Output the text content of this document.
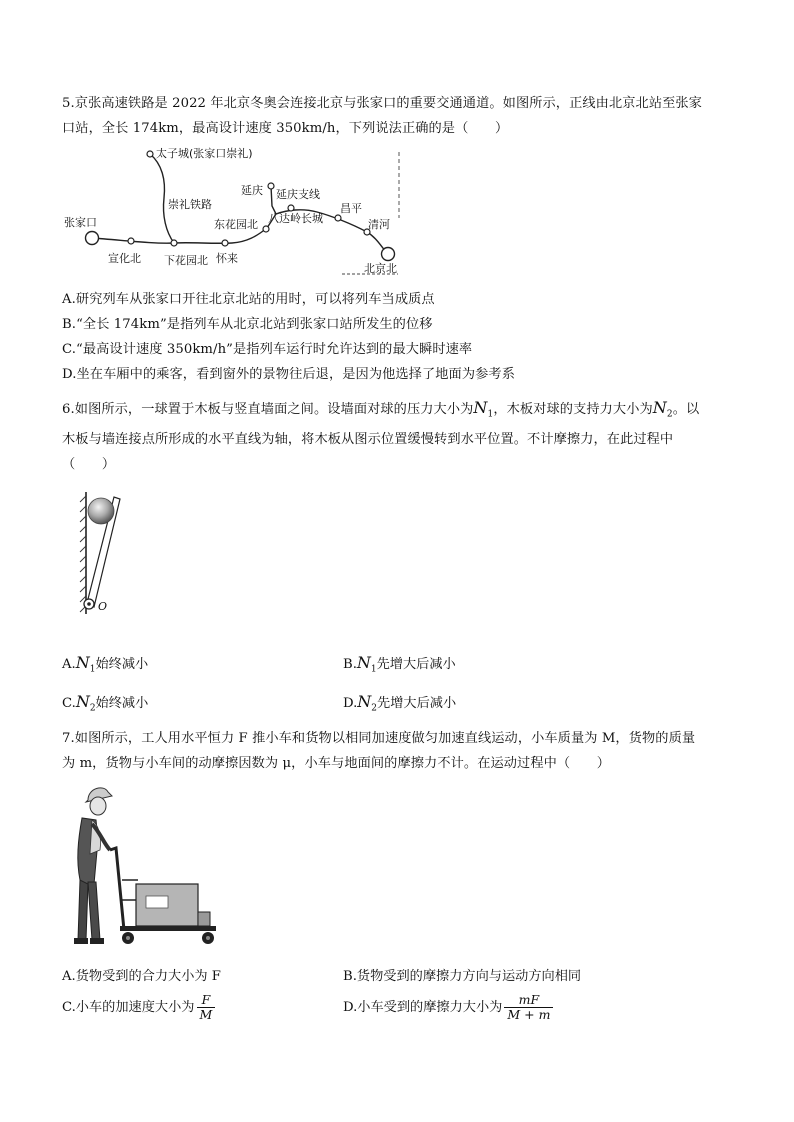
5.京张高速铁路是 2022 年北京冬奥会连接北京与张家口的重要交通通道。如图所示，正线由北京北站至张家
口站，全长 174km，最高设计速度 350km/h，下列说法正确的是（　　）
太子城(张家口崇礼)
崇礼铁路
张家口
宣化北 下花园北 怀来
东花园北
延庆 延庆支线
八达岭长城
昌平
清河
北京北
A.研究列车从张家口开往北京北站的用时，可以将列车当成质点
B.“全长 174km”是指列车从北京北站到张家口站所发生的位移
C.“最高设计速度 350km/h”是指列车运行时允许达到的最大瞬时速率
D.坐在车厢中的乘客，看到窗外的景物往后退，是因为他选择了地面为参考系
6.如图所示，一球置于木板与竖直墙面之间。设墙面对球的压力大小为$N_1$，木板对球的支持力大小为$N_2$。以
木板与墙连接点所形成的水平直线为轴，将木板从图示位置缓慢转到水平位置。不计摩擦力，在此过程中
（　　）
O
$A.N_1$始终减小	$B.N_1$先增大后减小
$C.N_2$始终减小	$D.N_2$先增大后减小
7.如图所示，工人用水平恒力 F 推小车和货物以相同加速度做匀加速直线运动，小车质量为 M，货物的质量
为 m，货物与小车间的动摩擦因数为 μ，小车与地面间的摩擦力不计。在运动过程中（　　）
A.货物受到的合力大小为 F	B.货物受到的摩擦力方向与运动方向相同
C.小车的加速度大小为 $\frac{F}{M}$	D.小车受到的摩擦力大小为 $\frac{mF}{M + m}$
